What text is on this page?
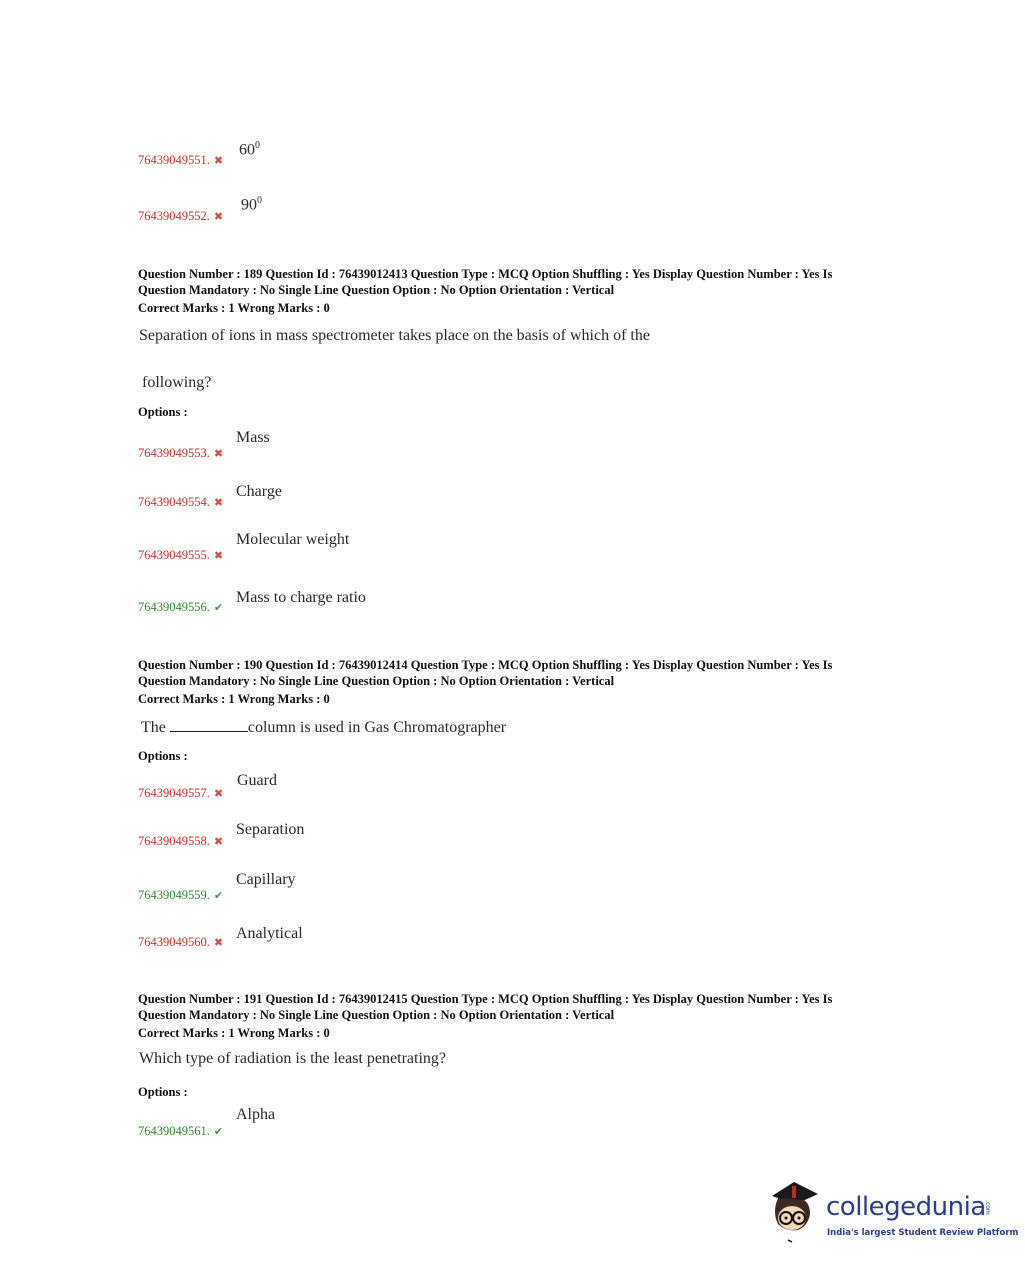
76439049551. ✖
$60^0$
76439049552. ✖
$90^0$
Question Number : 189 Question Id : 76439012413 Question Type : MCQ Option Shuffling : Yes Display Question Number : Yes Is
Question Mandatory : No Single Line Question Option : No Option Orientation : Vertical
Correct Marks : 1 Wrong Marks : 0
Separation of ions in mass spectrometer takes place on the basis of which of the
following?
Options :
76439049553. ✖
Mass
76439049554. ✖
Charge
76439049555. ✖
Molecular weight
76439049556. ✔
Mass to charge ratio
Question Number : 190 Question Id : 76439012414 Question Type : MCQ Option Shuffling : Yes Display Question Number : Yes Is
Question Mandatory : No Single Line Question Option : No Option Orientation : Vertical
Correct Marks : 1 Wrong Marks : 0
The	column is used in Gas Chromatographer
Options :
76439049557. ✖
Guard
76439049558. ✖
Separation
76439049559. ✔
Capillary
76439049560. ✖
Analytical
Question Number : 191 Question Id : 76439012415 Question Type : MCQ Option Shuffling : Yes Display Question Number : Yes Is
Question Mandatory : No Single Line Question Option : No Option Orientation : Vertical
Correct Marks : 1 Wrong Marks : 0
Which type of radiation is the least penetrating?
Options :
76439049561. ✔
Alpha
collegedunia
.com
India's largest Student Review Platform
